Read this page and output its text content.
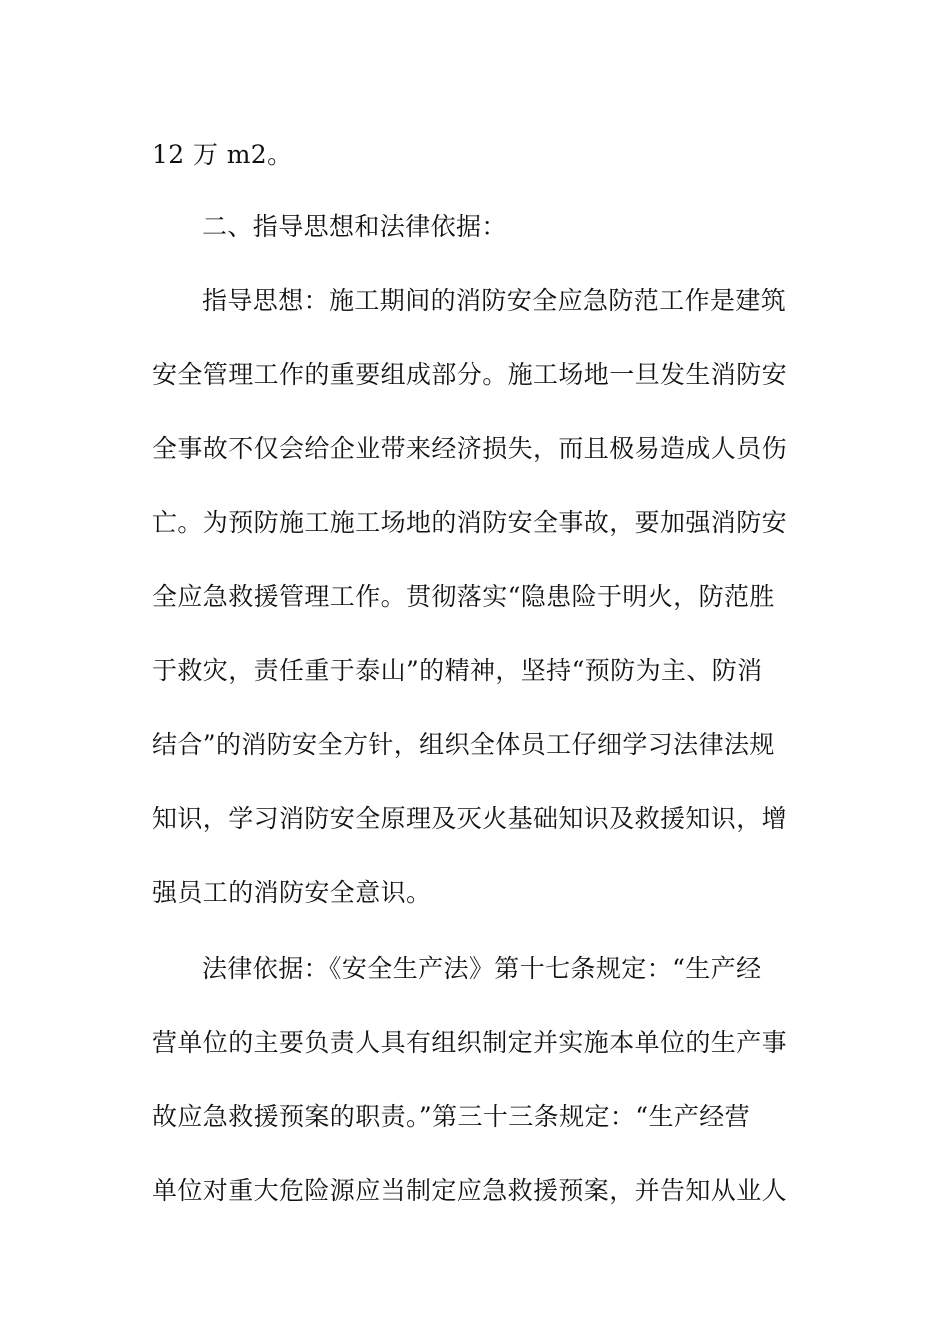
12 万 m2。
二、指导思想和法律依据：
指导思想：施工期间的消防安全应急防范工作是建筑
安全管理工作的重要组成部分。施工场地一旦发生消防安
全事故不仅会给企业带来经济损失，而且极易造成人员伤
亡。为预防施工施工场地的消防安全事故，要加强消防安
全应急救援管理工作。贯彻落实“隐患险于明火，防范胜
于救灾，责任重于泰山”的精神，坚持“预防为主、防消
结合”的消防安全方针，组织全体员工仔细学习法律法规
知识，学习消防安全原理及灭火基础知识及救援知识，增
强员工的消防安全意识。
法律依据：《安全生产法》第十七条规定：“生产经
营单位的主要负责人具有组织制定并实施本单位的生产事
故应急救援预案的职责。”第三十三条规定：“生产经营
单位对重大危险源应当制定应急救援预案，并告知从业人
